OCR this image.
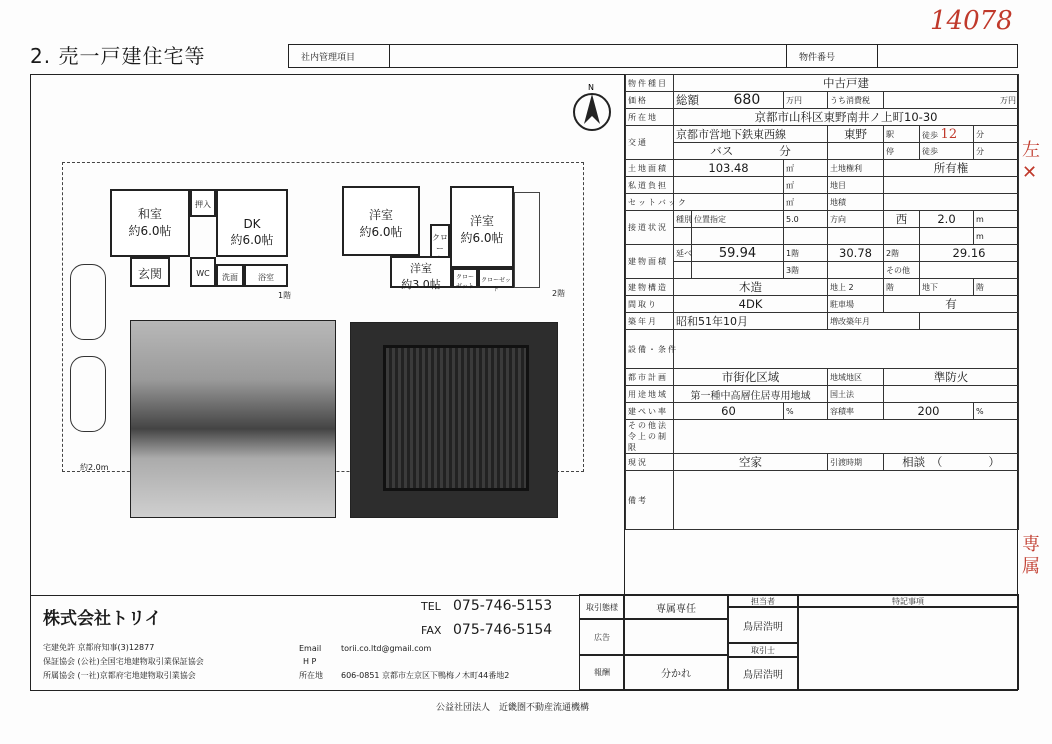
14078
2. 売一戸建住宅等	社内管理項目	物件番号
N
和室
約6.0帖	DK
約6.0帖
押入
玄関	WC	洗面	浴室
1階
洋室
約6.0帖
洋室
約6.0帖
クロー

洋室
約3.0帖
クロー
ゼット
クローゼット	2階
約2.0m
物件種目	中古戸建						
価格	総額　　　 680		万円	うち消費税	万円		
所在地	京都市山科区東野南井ノ上町10-30						
交通	京都市営地下鉄東西線			東野	駅	徒歩 12	分
	バス　　　　 分				停	徒歩	分
土地面積	103.48		㎡	土地権利	所有権		
私道負担			㎡	地目			
セットバック			㎡	地積			
接道状況	種別	位置指定	5.0	方向	西	2.0	m
							m
建物面積	延べ	59.94	1階	30.78	2階	29.16	
			3階		その他		
建物構造	木造			地上 2	階	地下	階
間取り	4DK			駐車場	有		
築年月	昭和51年10月			増改築年月			
設備・条件							
都市計画	市街化区域			地域地区	準防火		
用途地域	第一種中高層住居専用地域			国土法			
建ぺい率	60		%	容積率	200		%
その他法令上の制限							
現況	空家			引渡時期	相談　（　　　　）		
備考							
左
✕
専
属
株式会社トリイ
TEL 075-746-5153
FAX 075-746-5154
宅建免許 京都府知事(3)12877
保証協会 (公社)全国宅地建物取引業保証協会
所属協会 (一社)京都府宅地建物取引業協会
Email torii.co.ltd@gmail.com
H P
所在地 606-0851 京都市左京区下鴨梅ノ木町44番地2
取引態様	専属専任
広告
報酬	分かれ
担当者
鳥居浩明
取引士
鳥居浩明
特記事項
公益社団法人　近畿圏不動産流通機構
